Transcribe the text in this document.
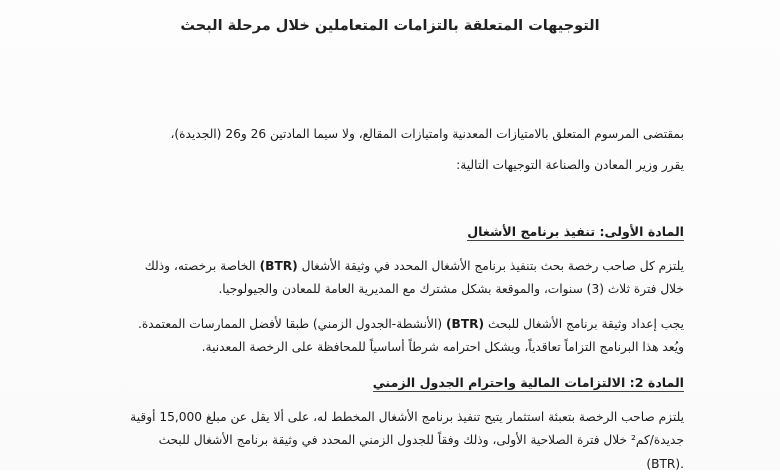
التوجيهات المتعلقة بالتزامات المتعاملين خلال مرحلة البحث
بمقتضى المرسوم المتعلق بالامتيازات المعدنية وامتيازات المقالع، ولا سيما المادتين 26 و26 (الجديدة)،
يقرر وزير المعادن والصناعة التوجيهات التالية:
المادة الأولى: تنفيذ برنامج الأشغال
يلتزم كل صاحب رخصة بحث بتنفيذ برنامج الأشغال المحدد في وثيقة الأشغال (BTR) الخاصة برخصته، وذلك
خلال فترة ثلاث (3) سنوات، والموقعة بشكل مشترك مع المديرية العامة للمعادن والجيولوجيا.
يجب إعداد وثيقة برنامج الأشغال للبحث (BTR) (الأنشطة-الجدول الزمني) طبقا لأفضل الممارسات المعتمدة.
ويُعد هذا البرنامج التزاماً تعاقدياً، ويشكل احترامه شرطاً أساسياً للمحافظة على الرخصة المعدنية.
المادة 2: الالتزامات المالية واحترام الجدول الزمني
يلتزم صاحب الرخصة بتعبئة استثمار يتيح تنفيذ برنامج الأشغال المخطط له، على ألا يقل عن مبلغ 15,000 أوقية
جديدة/كم² خلال فترة الصلاحية الأولى، وذلك وفقاً للجدول الزمني المحدد في وثيقة برنامج الأشغال للبحث
(BTR).
